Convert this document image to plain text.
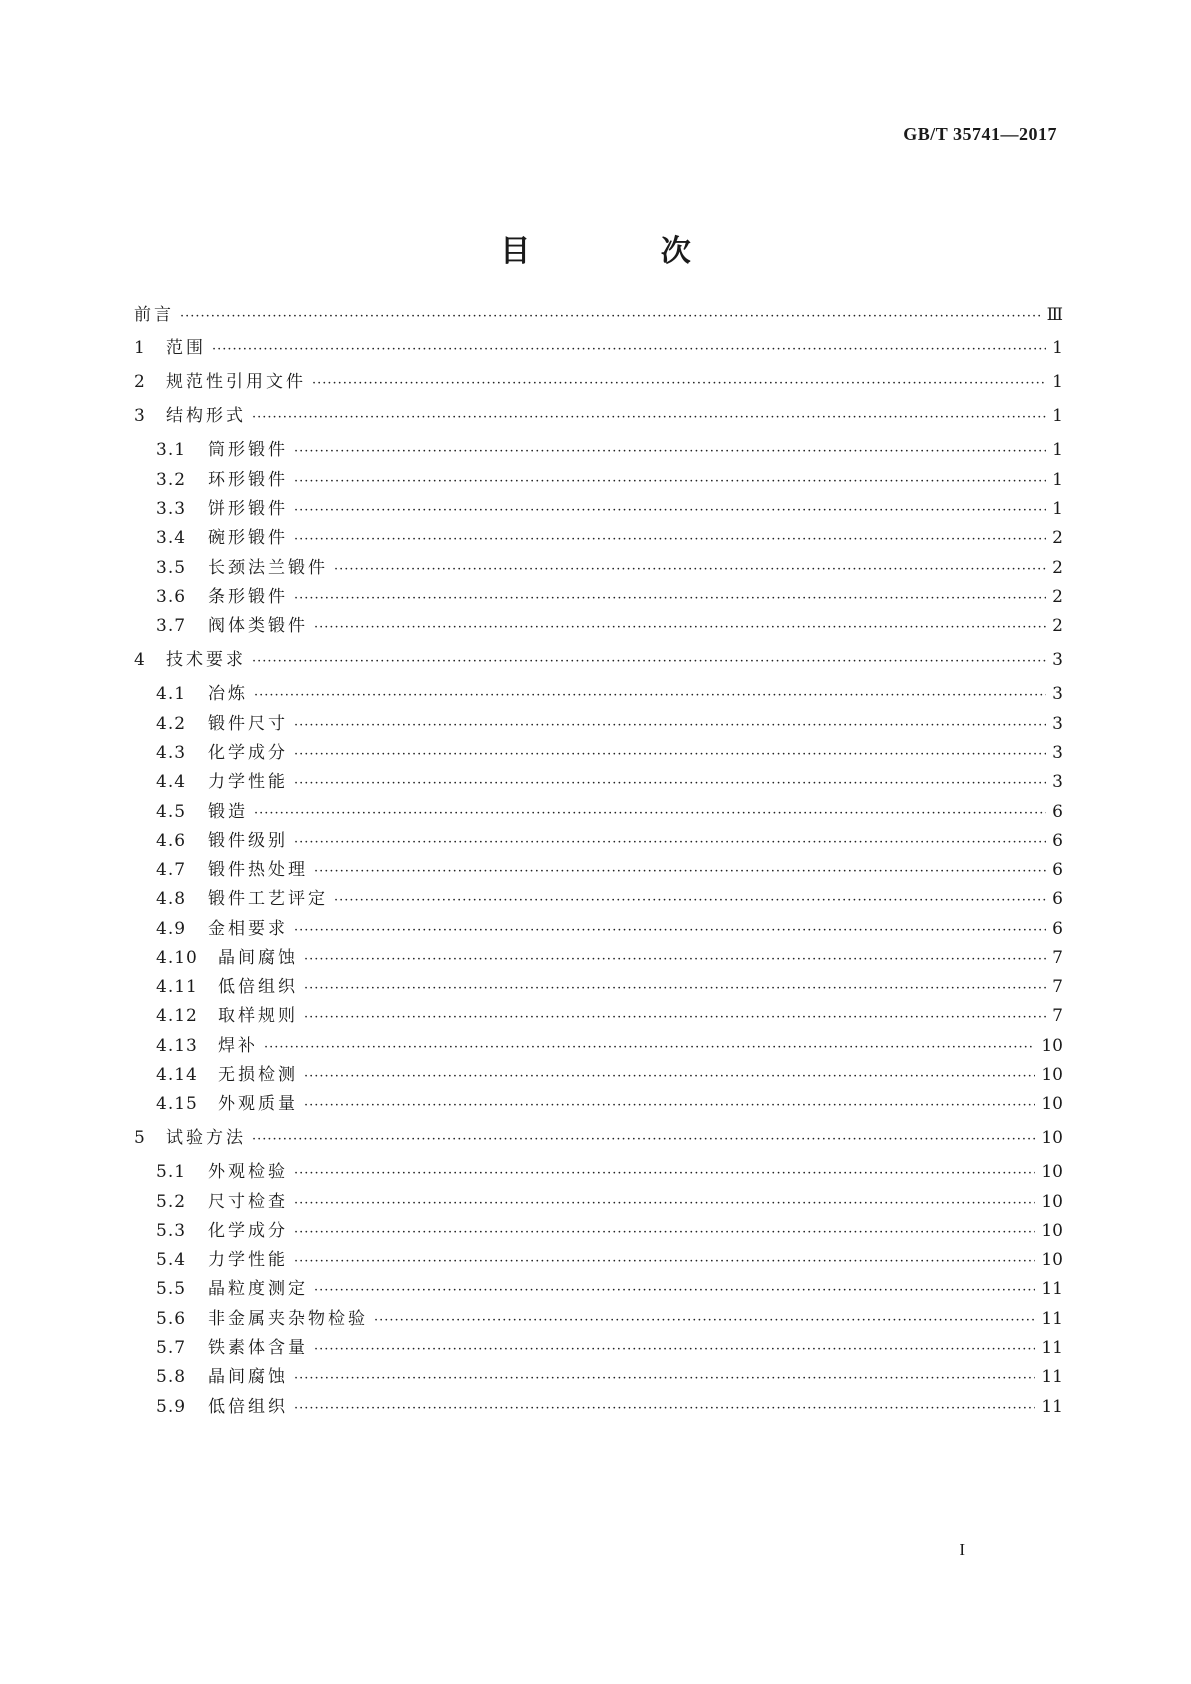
GB/T 35741—2017
目 次
前言 ·····	Ⅲ
1	范围 ·····	1
2	规范性引用文件 ·····	1
3	结构形式 ·····	1
3.1	筒形锻件 ·····	1
3.2	环形锻件 ·····	1
3.3	饼形锻件 ·····	1
3.4	碗形锻件 ·····	2
3.5	长颈法兰锻件 ·····	2
3.6	条形锻件 ·····	2
3.7	阀体类锻件 ·····	2
4	技术要求 ·····	3
4.1	冶炼 ·····	3
4.2	锻件尺寸 ·····	3
4.3	化学成分 ·····	3
4.4	力学性能 ·····	3
4.5	锻造 ·····	6
4.6	锻件级别 ·····	6
4.7	锻件热处理 ·····	6
4.8	锻件工艺评定 ·····	6
4.9	金相要求 ·····	6
4.10	晶间腐蚀 ·····	7
4.11	低倍组织 ·····	7
4.12	取样规则 ·····	7
4.13	焊补 ·····	10
4.14	无损检测 ·····	10
4.15	外观质量 ·····	10
5	试验方法 ·····	10
5.1	外观检验 ·····	10
5.2	尺寸检查 ·····	10
5.3	化学成分 ·····	10
5.4	力学性能 ·····	10
5.5	晶粒度测定 ·····	11
5.6	非金属夹杂物检验 ·····	11
5.7	铁素体含量 ·····	11
5.8	晶间腐蚀 ·····	11
5.9	低倍组织 ·····	11
I
